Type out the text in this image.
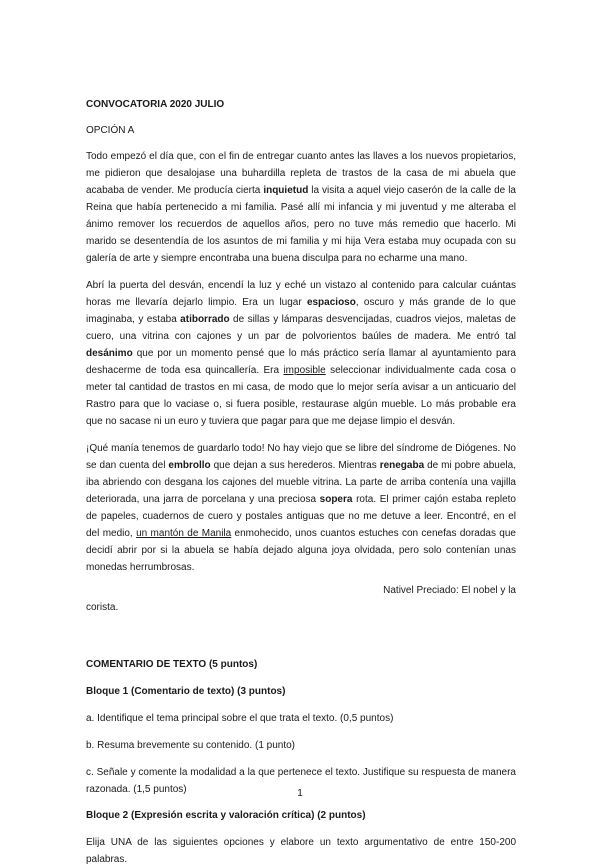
CONVOCATORIA 2020 JULIO

OPCIÓN A

Todo empezó el día que, con el fin de entregar cuanto antes las llaves a los nuevos propietarios, me pidieron que desalojase una buhardilla repleta de trastos de la casa de mi abuela que acababa de vender. Me producía cierta inquietud la visita a aquel viejo caserón de la calle de la Reina que había pertenecido a mi familia. Pasé allí mi infancia y mi juventud y me alteraba el ánimo remover los recuerdos de aquellos años, pero no tuve más remedio que hacerlo. Mi marido se desentendía de los asuntos de mi familia y mi hija Vera estaba muy ocupada con su galería de arte y siempre encontraba una buena disculpa para no echarme una mano.

Abrí la puerta del desván, encendí la luz y eché un vistazo al contenido para calcular cuántas horas me llevaría dejarlo limpio. Era un lugar espacioso, oscuro y más grande de lo que imaginaba, y estaba atiborrado de sillas y lámparas desvencijadas, cuadros viejos, maletas de cuero, una vitrina con cajones y un par de polvorientos baúles de madera. Me entró tal desánimo que por un momento pensé que lo más práctico sería llamar al ayuntamiento para deshacerme de toda esa quincallería. Era imposible seleccionar individualmente cada cosa o meter tal cantidad de trastos en mi casa, de modo que lo mejor sería avisar a un anticuario del Rastro para que lo vaciase o, si fuera posible, restaurase algún mueble. Lo más probable era que no sacase ni un euro y tuviera que pagar para que me dejase limpio el desván.

¡Qué manía tenemos de guardarlo todo! No hay viejo que se libre del síndrome de Diógenes. No se dan cuenta del embrollo que dejan a sus herederos. Mientras renegaba de mi pobre abuela, iba abriendo con desgana los cajones del mueble vitrina. La parte de arriba contenía una vajilla deteriorada, una jarra de porcelana y una preciosa sopera rota. El primer cajón estaba repleto de papeles, cuadernos de cuero y postales antiguas que no me detuve a leer. Encontré, en el del medio, un mantón de Manila enmohecido, unos cuantos estuches con cenefas doradas que decidí abrir por si la abuela se había dejado alguna joya olvidada, pero solo contenían unas monedas herrumbrosas.

Nativel Preciado: El nobel y la

corista.

COMENTARIO DE TEXTO (5 puntos)

Bloque 1 (Comentario de texto) (3 puntos)

a. Identifique el tema principal sobre el que trata el texto. (0,5 puntos)

b. Resuma brevemente su contenido. (1 punto)

c. Señale y comente la modalidad a la que pertenece el texto. Justifique su respuesta de manera razonada. (1,5 puntos)

Bloque 2 (Expresión escrita y valoración crítica) (2 puntos)

Elija UNA de las siguientes opciones y elabore un texto argumentativo de entre 150-200 palabras.

1
